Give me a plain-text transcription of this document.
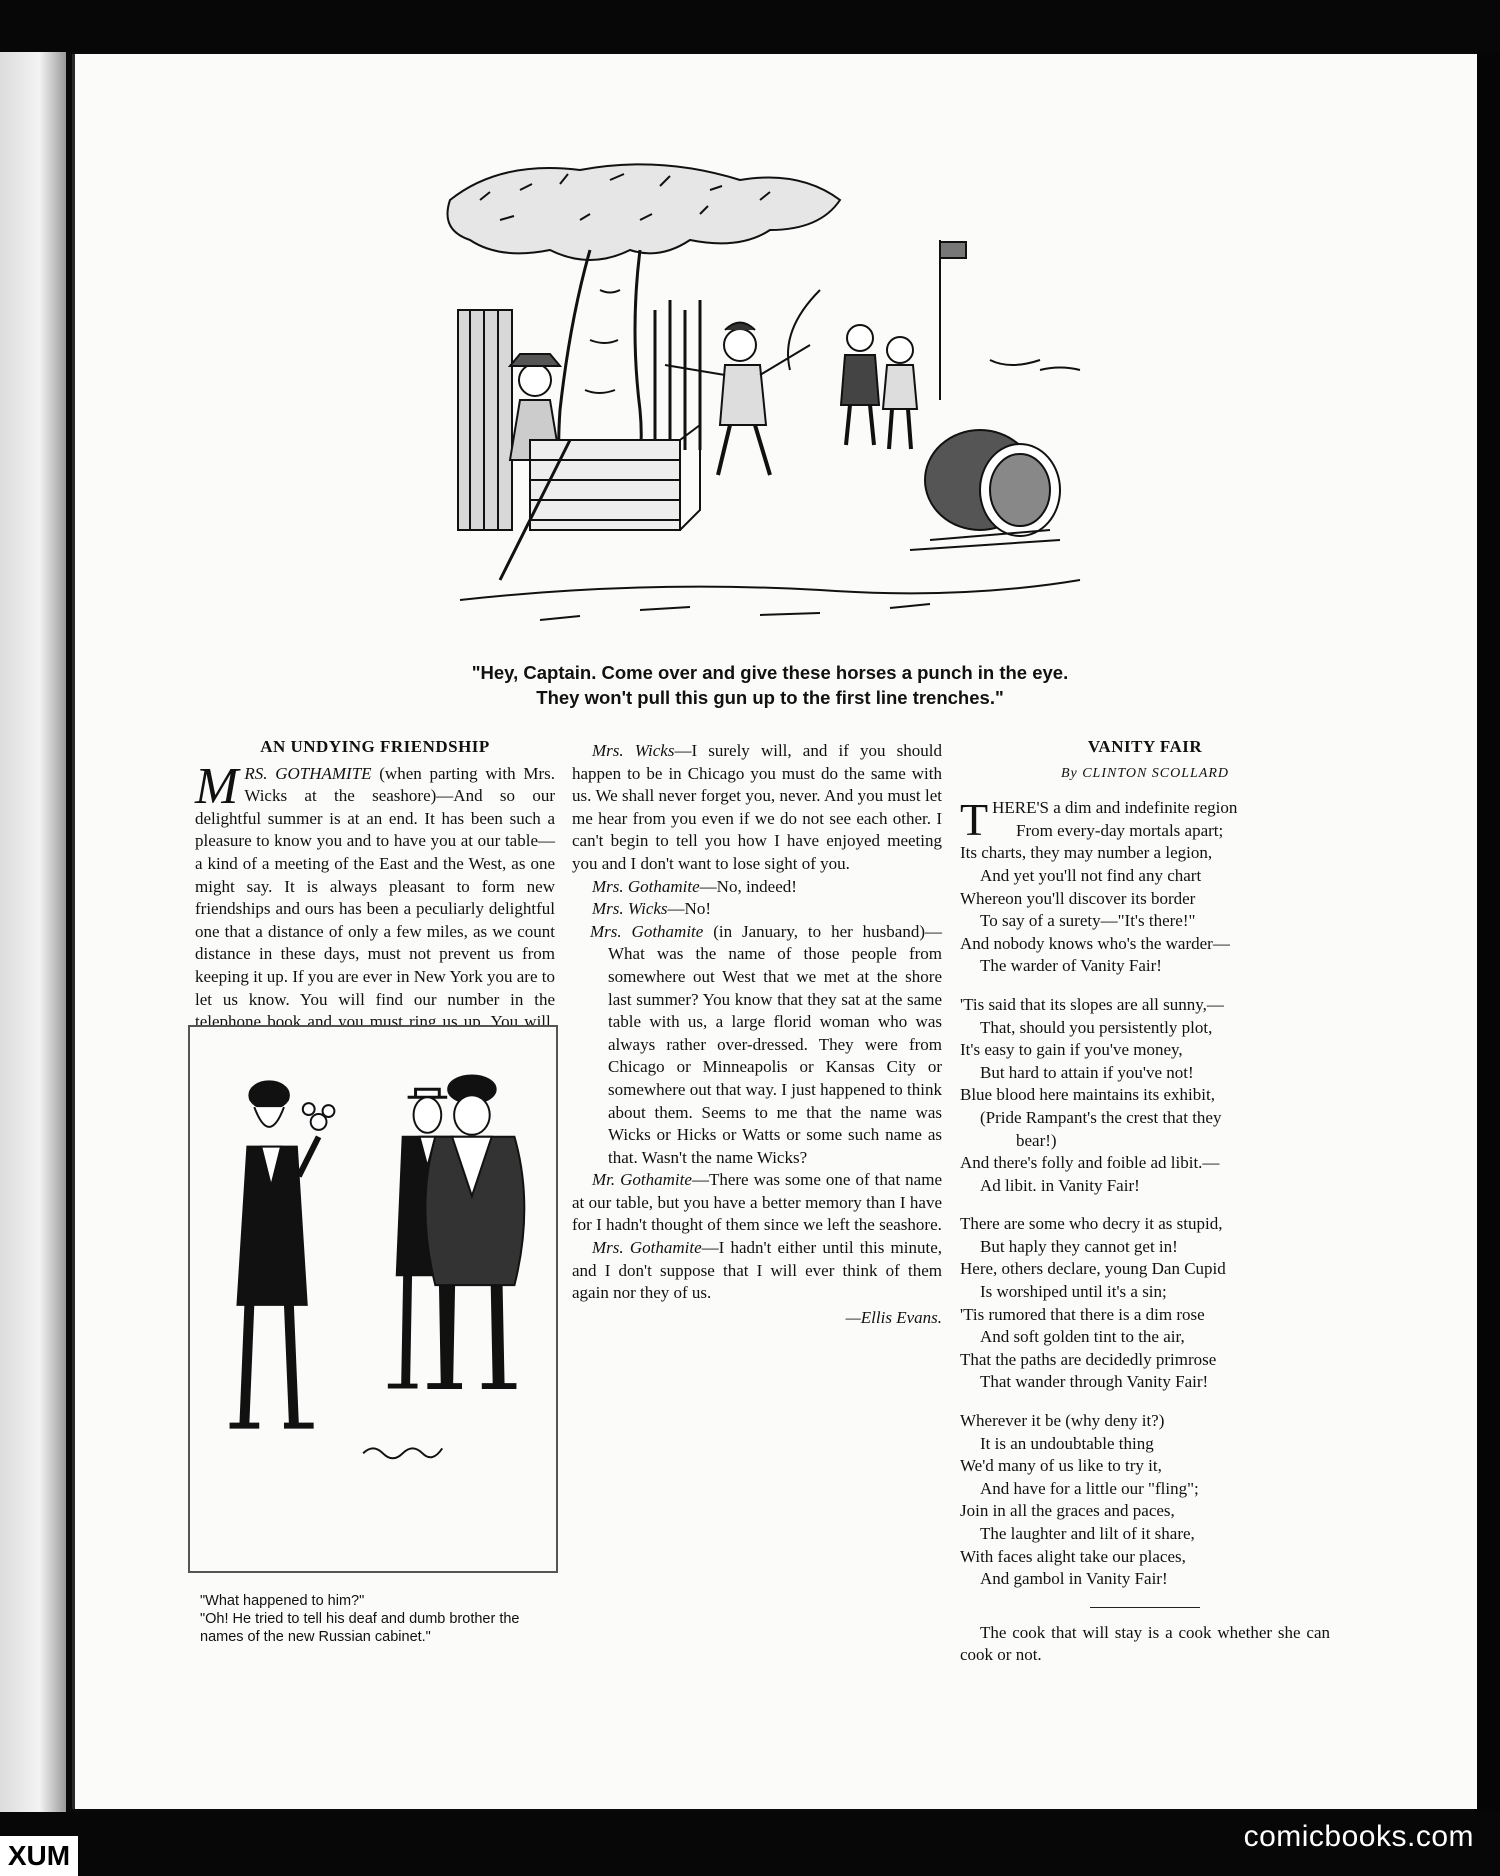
"Hey, Captain. Come over and give these horses a punch in the eye.
They won't pull this gun up to the first line trenches."
AN UNDYING FRIENDSHIP

MRS. GOTHAMITE (when parting with Mrs. Wicks at the seashore)—And so our delightful summer is at an end. It has been such a pleasure to know you and to have you at our table—a kind of a meeting of the East and the West, as one might say. It is always pleasant to form new friendships and ours has been a peculiarly delightful one that a distance of only a few miles, as we count distance in these days, must not prevent us from keeping it up. If you are ever in New York you are to let us know. You will find our number in the telephone book and you must ring us up. You will, won't you?

"What happened to him?"
"Oh! He tried to tell his deaf and dumb brother the names of the new Russian cabinet."

Mrs. Wicks—I surely will, and if you should happen to be in Chicago you must do the same with us. We shall never forget you, never. And you must let me hear from you even if we do not see each other. I can't begin to tell you how I have enjoyed meeting you and I don't want to lose sight of you.

Mrs. Gothamite—No, indeed!

Mrs. Wicks—No!

Mrs. Gothamite (in January, to her husband)—What was the name of those people from somewhere out West that we met at the shore last summer? You know that they sat at the same table with us, a large florid woman who was always rather over-dressed. They were from Chicago or Minneapolis or Kansas City or somewhere out that way. I just happened to think about them. Seems to me that the name was Wicks or Hicks or Watts or some such name as that. Wasn't the name Wicks?

Mr. Gothamite—There was some one of that name at our table, but you have a better memory than I have for I hadn't thought of them since we left the seashore.

Mrs. Gothamite—I hadn't either until this minute, and I don't suppose that I will ever think of them again nor they of us.

—Ellis Evans.
VANITY FAIR
By CLINTON SCOLLARD
THERE'S a dim and indefinite region
From every-day mortals apart;
Its charts, they may number a legion,
And yet you'll not find any chart
Whereon you'll discover its border
To say of a surety—"It's there!"
And nobody knows who's the warder—
The warder of Vanity Fair!
'Tis said that its slopes are all sunny,—
That, should you persistently plot,
It's easy to gain if you've money,
But hard to attain if you've not!
Blue blood here maintains its exhibit,
(Pride Rampant's the crest that they
bear!)
And there's folly and foible ad libit.—
Ad libit. in Vanity Fair!
There are some who decry it as stupid,
But haply they cannot get in!
Here, others declare, young Dan Cupid
Is worshiped until it's a sin;
'Tis rumored that there is a dim rose
And soft golden tint to the air,
That the paths are decidedly primrose
That wander through Vanity Fair!
Wherever it be (why deny it?)
It is an undoubtable thing
We'd many of us like to try it,
And have for a little our "fling";
Join in all the graces and paces,
The laughter and lilt of it share,
With faces alight take our places,
And gambol in Vanity Fair!

The cook that will stay is a cook whether she can cook or not.

XUM
comicbooks.com
